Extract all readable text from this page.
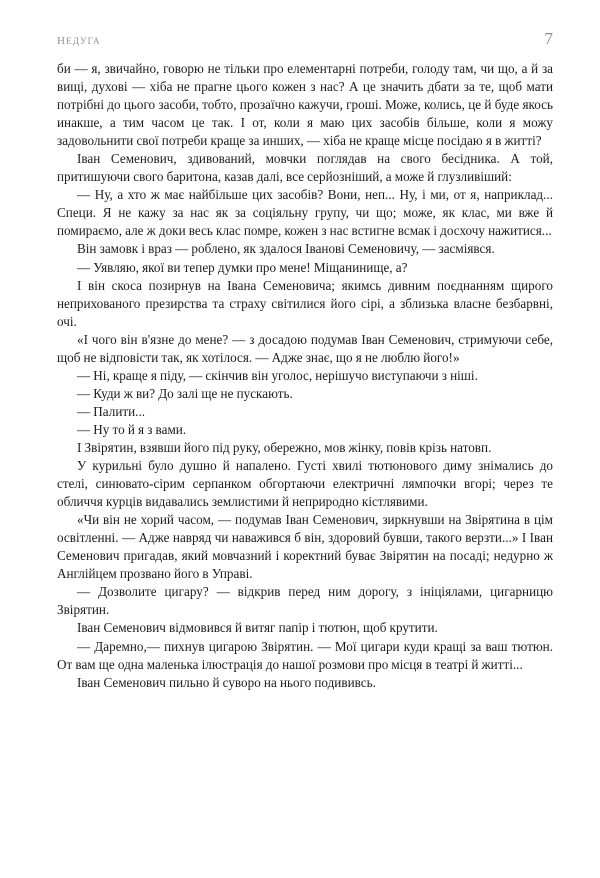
недуга	7

би — я, звичайно, говорю не тільки про елементарні потреби, голоду там, чи що, а й за вищі, духові — хіба не прагне цього кожен з нас? А це значить дбати за те, щоб мати потрібні до цього засоби, тобто, прозаїчно кажучи, гроші. Може, колись, це й буде якось инакше, а тим часом це так. І от, коли я маю цих засобів більше, коли я можу задовольнити свої потреби краще за инших, — хіба не краще місце посідаю я в житті?

Іван Семенович, здивований, мовчки поглядав на свого бесідника. А той, притишуючи свого баритона, казав далі, все серйозніший, а може й глузливіший:

— Ну, а хто ж має найбільше цих засобів? Вони, неп... Ну, і ми, от я, наприклад... Специ. Я не кажу за нас як за соціяльну групу, чи що; може, як клас, ми вже й помираємо, але ж доки весь клас помре, кожен з нас встигне всмак і досхочу нажитися...

Він замовк і враз — роблено, як здалося Іванові Семеновичу, — засміявся.

— Уявляю, якої ви тепер думки про мене! Міщанинище, а?

І він скоса позирнув на Івана Семеновича; якимсь дивним поєднанням щирого неприхованого презирства та страху світилися його сірі, а зблизька власне безбарвні, очі.

«І чого він в'язне до мене? — з досадою подумав Іван Семенович, стримуючи себе, щоб не відповісти так, як хотілося. — Адже знає, що я не люблю його!»

— Ні, краще я піду, — скінчив він уголос, нерішучо виступаючи з ніші.

— Куди ж ви? До залі ще не пускають.

— Палити...

— Ну то й я з вами.

І Звірятин, взявши його під руку, обережно, мов жінку, повів крізь натовп.

У курильні було душно й напалено. Густі хвилі тютюнового диму знімались до стелі, синювато-сірим серпанком обгортаючи електричні лямпочки вгорі; через те обличчя курців видавались землистими й неприродно кістлявими.

«Чи він не хорий часом, — подумав Іван Семенович, зиркнувши на Звірятина в цім освітленні. — Адже навряд чи наважився б він, здоровий бувши, такого верзти...» І Іван Семенович пригадав, який мовчазний і коректний буває Звірятин на посаді; недурно ж Англійцем прозвано його в Управі.

— Дозволите цигару? — відкрив перед ним дорогу, з ініціялами, цигарницю Звірятин.

Іван Семенович відмовився й витяг папір і тютюн, щоб крутити.

— Даремно,— пихнув цигарою Звірятин. — Мої цигари куди кращі за ваш тютюн. От вам ще одна маленька ілюстрація до нашої розмови про місця в театрі й житті...

Іван Семенович пильно й суворо на нього подививсь.
